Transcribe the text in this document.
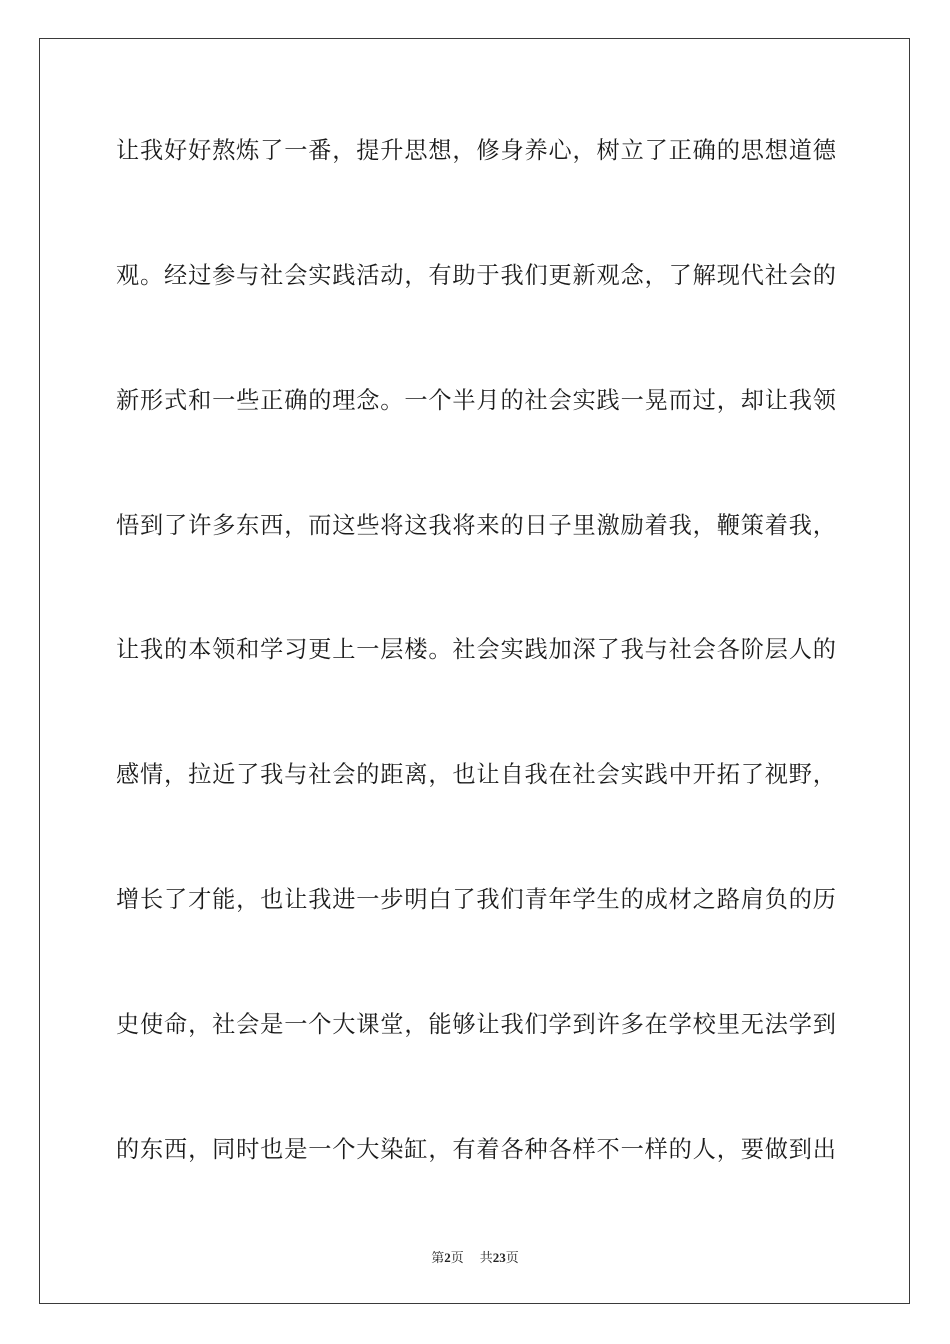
让我好好熬炼了一番，提升思想，修身养心，树立了正确的思想道德
观。经过参与社会实践活动，有助于我们更新观念，了解现代社会的
新形式和一些正确的理念。一个半月的社会实践一晃而过，却让我领
悟到了许多东西，而这些将这我将来的日子里激励着我，鞭策着我，
让我的本领和学习更上一层楼。社会实践加深了我与社会各阶层人的
感情，拉近了我与社会的距离，也让自我在社会实践中开拓了视野，
增长了才能，也让我进一步明白了我们青年学生的成材之路肩负的历
史使命，社会是一个大课堂，能够让我们学到许多在学校里无法学到
的东西，同时也是一个大染缸，有着各种各样不一样的人，要做到出
第2页 共23页
